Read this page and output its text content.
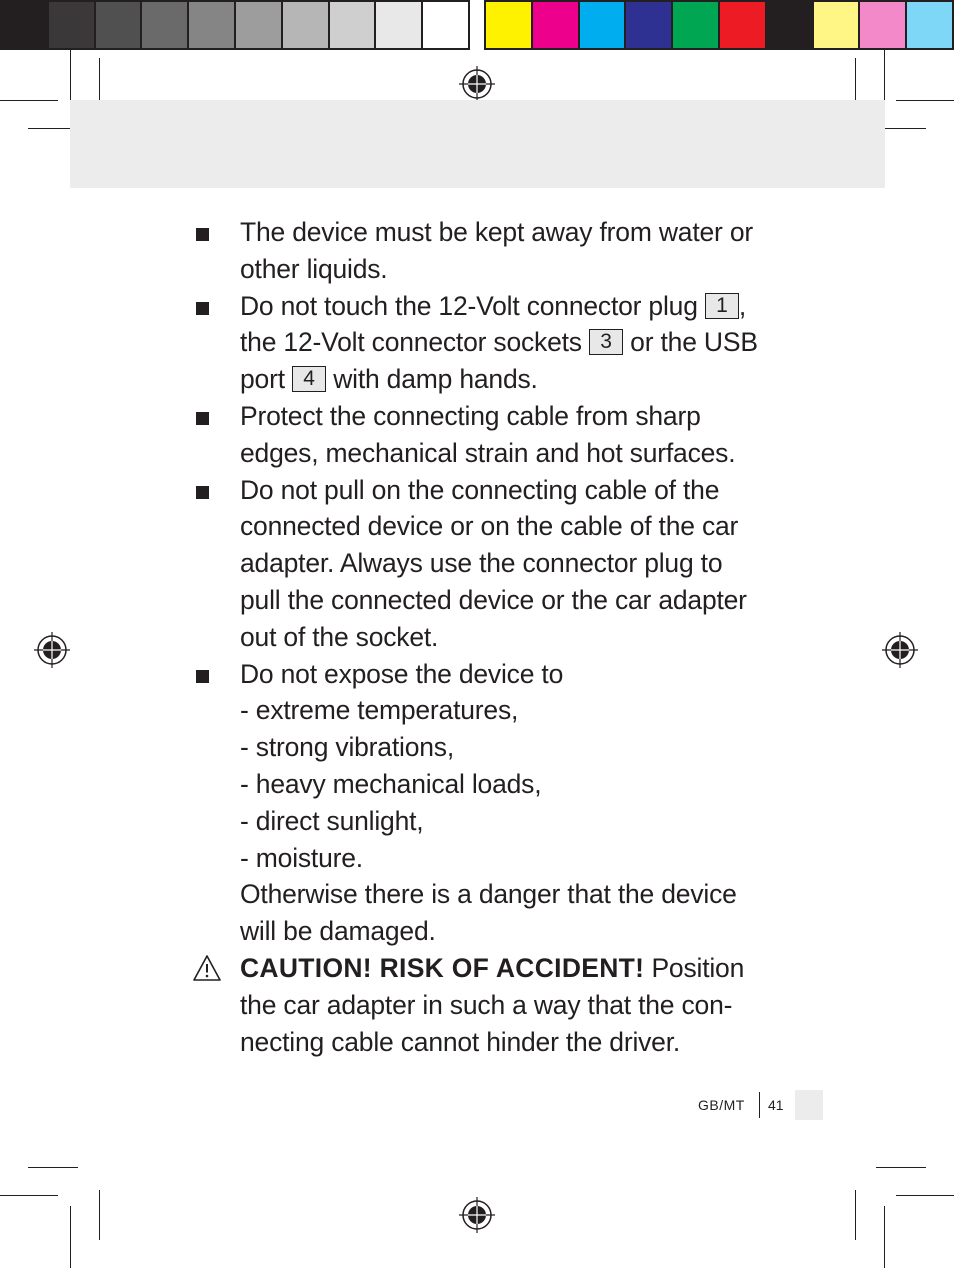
The device must be kept away from water or other liquids.
Do not touch the 12-Volt connector plug 1 , the 12-Volt connector sockets 3 or the USB port 4 with damp hands.
Protect the connecting cable from sharp edges, mechanical strain and hot surfaces.
Do not pull on the connecting cable of the connected device or on the cable of the car adapter. Always use the connector plug to pull the connected device or the car adapter out of the socket.
Do not expose the device to
- extreme temperatures,
- strong vibrations,
- heavy mechanical loads,
- direct sunlight,
- moisture.
Otherwise there is a danger that the device will be damaged.
CAUTION! RISK OF ACCIDENT! Position the car adapter in such a way that the con-necting cable cannot hinder the driver.
GB/MT 41
